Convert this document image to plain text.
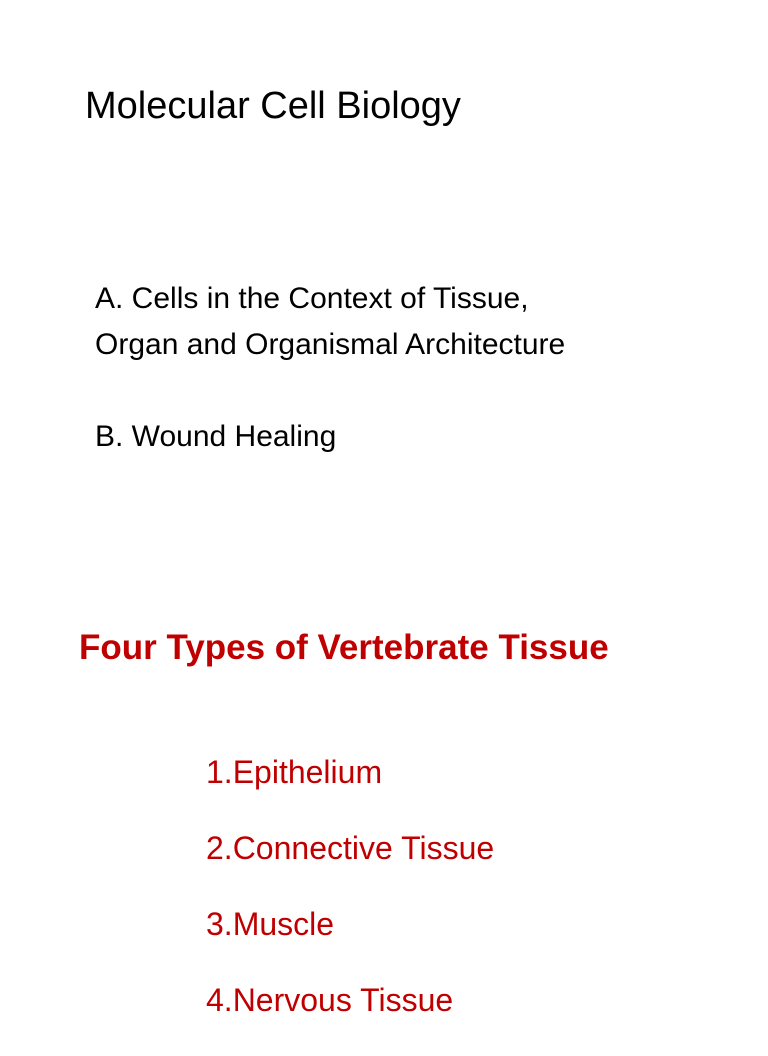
Molecular Cell Biology

A. Cells in the Context of Tissue,
Organ and Organismal Architecture

B. Wound Healing

Four Types of Vertebrate Tissue
1.Epithelium
2.Connective Tissue
3.Muscle
4.Nervous Tissue
